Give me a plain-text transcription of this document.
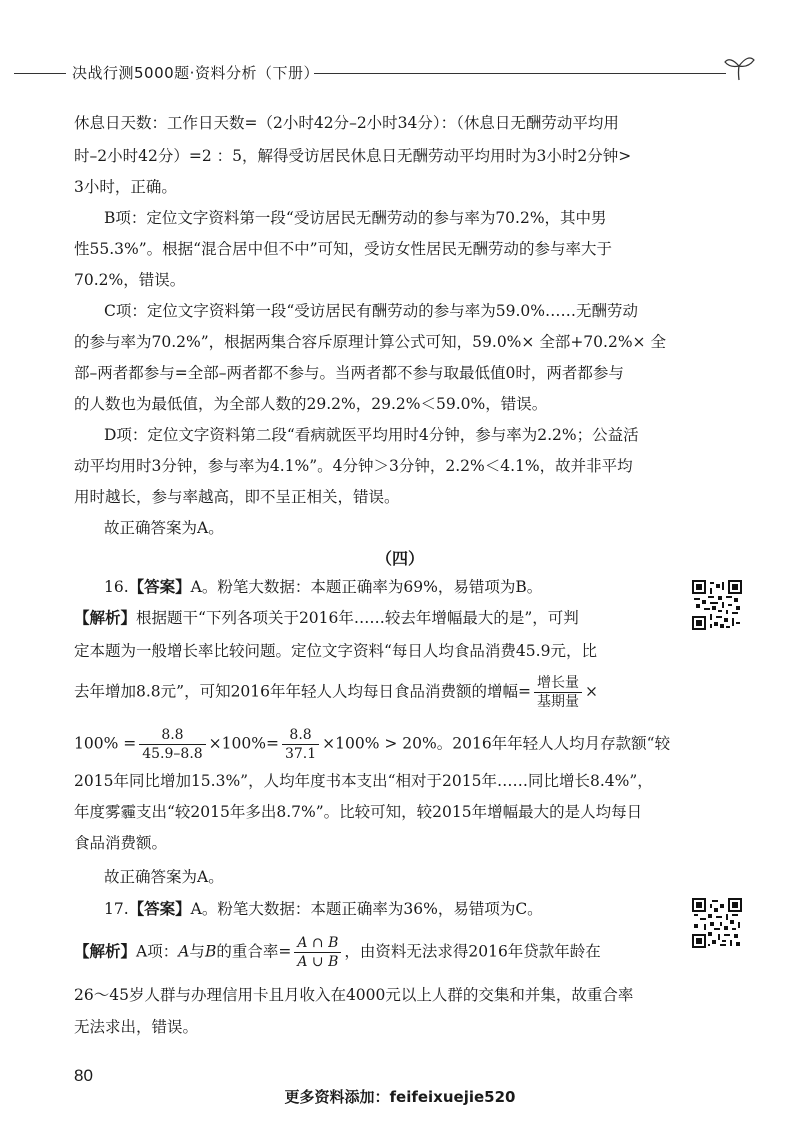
决战行测5000题·资料分析（下册）
休息日天数：工作日天数=（2小时42分–2小时34分）：（休息日无酬劳动平均用
时–2小时42分）=2 ：5，解得受访居民休息日无酬劳动平均用时为3小时2分钟>
3小时，正确。
B项：定位文字资料第一段“受访居民无酬劳动的参与率为70.2%，其中男
性55.3%”。根据“混合居中但不中”可知，受访女性居民无酬劳动的参与率大于
70.2%，错误。
C项：定位文字资料第一段“受访居民有酬劳动的参与率为59.0%……无酬劳动
的参与率为70.2%”，根据两集合容斥原理计算公式可知，59.0%× 全部+70.2%× 全
部–两者都参与=全部–两者都不参与。当两者都不参与取最低值0时，两者都参与
的人数也为最低值，为全部人数的29.2%，29.2%＜59.0%，错误。
D项：定位文字资料第二段“看病就医平均用时4分钟，参与率为2.2%；公益活
动平均用时3分钟，参与率为4.1%”。4分钟＞3分钟，2.2%＜4.1%，故并非平均
用时越长，参与率越高，即不呈正相关，错误。
故正确答案为A。
（四）
16.【答案】A。粉笔大数据：本题正确率为69%，易错项为B。
【解析】根据题干“下列各项关于2016年……较去年增幅最大的是”，可判
定本题为一般增长率比较问题。定位文字资料“每日人均食品消费45.9元，比
去年增加8.8元”，可知2016年年轻人人均每日食品消费额的增幅= $\frac{\text{增长量}}{\text{基期量}}$ ×
$100\% = \frac{8.8}{45.9-8.8} \times 100\%= \frac{8.8}{37.1} \times 100\% > 20\%$。2016年年轻人人均月存款额“较
2015年同比增加15.3%”，人均年度书本支出“相对于2015年……同比增长8.4%”，
年度雾霾支出“较2015年多出8.7%”。比较可知，较2015年增幅最大的是人均每日
食品消费额。
故正确答案为A。
17.【答案】A。粉笔大数据：本题正确率为36%，易错项为C。
【解析】A项：A与B的重合率= $\frac{A \cap B}{A \cup B}$ ，由资料无法求得2016年贷款年龄在
26～45岁人群与办理信用卡且月收入在4000元以上人群的交集和并集，故重合率
无法求出，错误。
80
更多资料添加：feifeixuejie520
